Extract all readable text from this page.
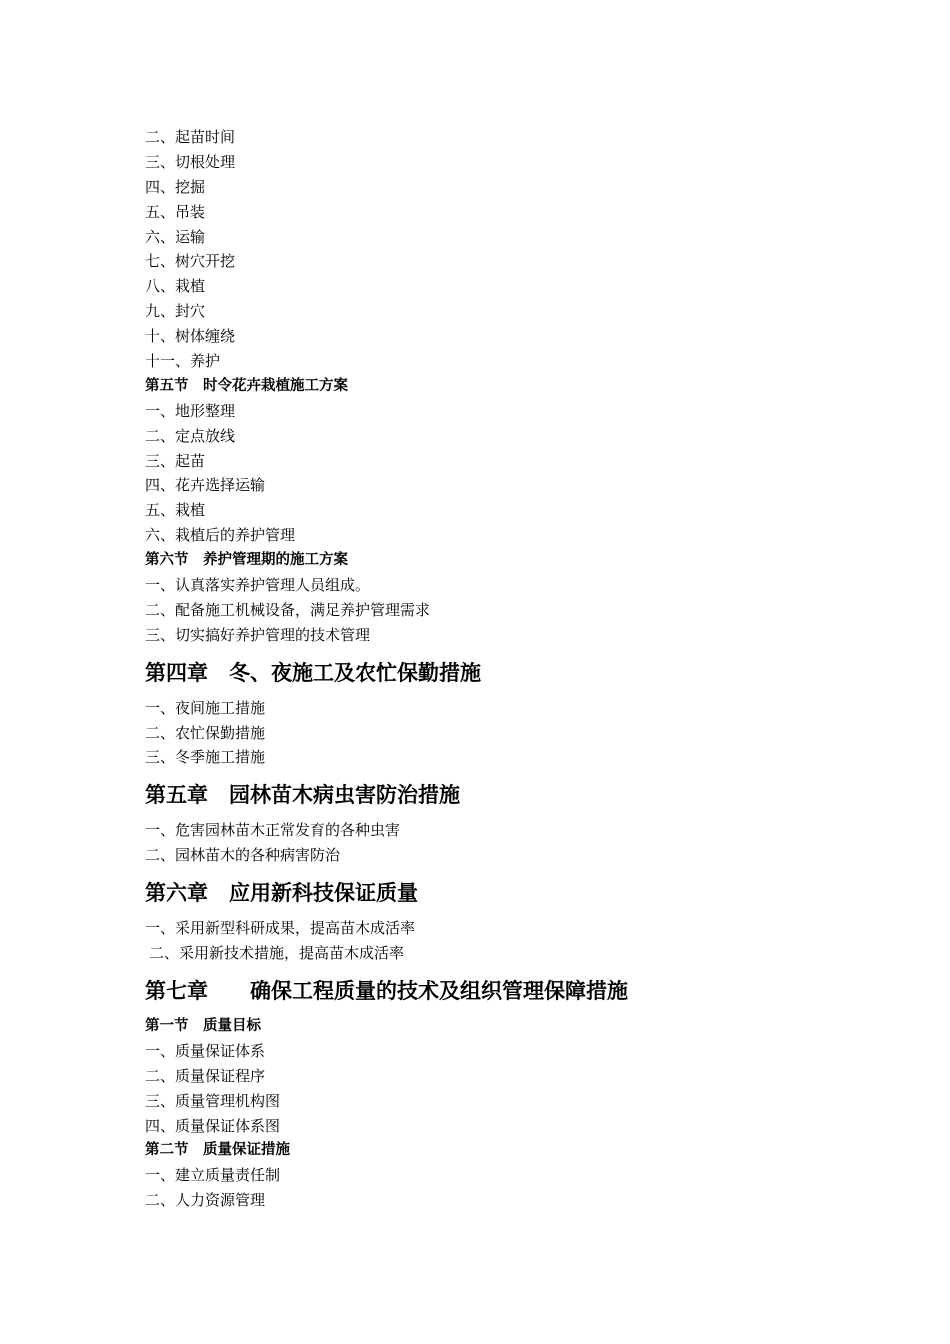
二、起苗时间
三、切根处理
四、挖掘
五、吊装
六、运输
七、树穴开挖
八、栽植
九、封穴
十、树体缠绕
十一、养护
第五节　时令花卉栽植施工方案
一、地形整理
二、定点放线
三、起苗
四、花卉选择运输
五、栽植
六、栽植后的养护管理
第六节　养护管理期的施工方案
一、认真落实养护管理人员组成。
二、配备施工机械设备，满足养护管理需求
三、切实搞好养护管理的技术管理
第四章　冬、夜施工及农忙保勤措施
一、夜间施工措施
二、农忙保勤措施
三、冬季施工措施
第五章　园林苗木病虫害防治措施
一、危害园林苗木正常发育的各种虫害
二、园林苗木的各种病害防治
第六章　应用新科技保证质量
一、采用新型科研成果，提高苗木成活率
二、采用新技术措施，提高苗木成活率
第七章　　确保工程质量的技术及组织管理保障措施
第一节　质量目标
一、质量保证体系
二、质量保证程序
三、质量管理机构图
四、质量保证体系图
第二节　质量保证措施
一、建立质量责任制
二、人力资源管理
